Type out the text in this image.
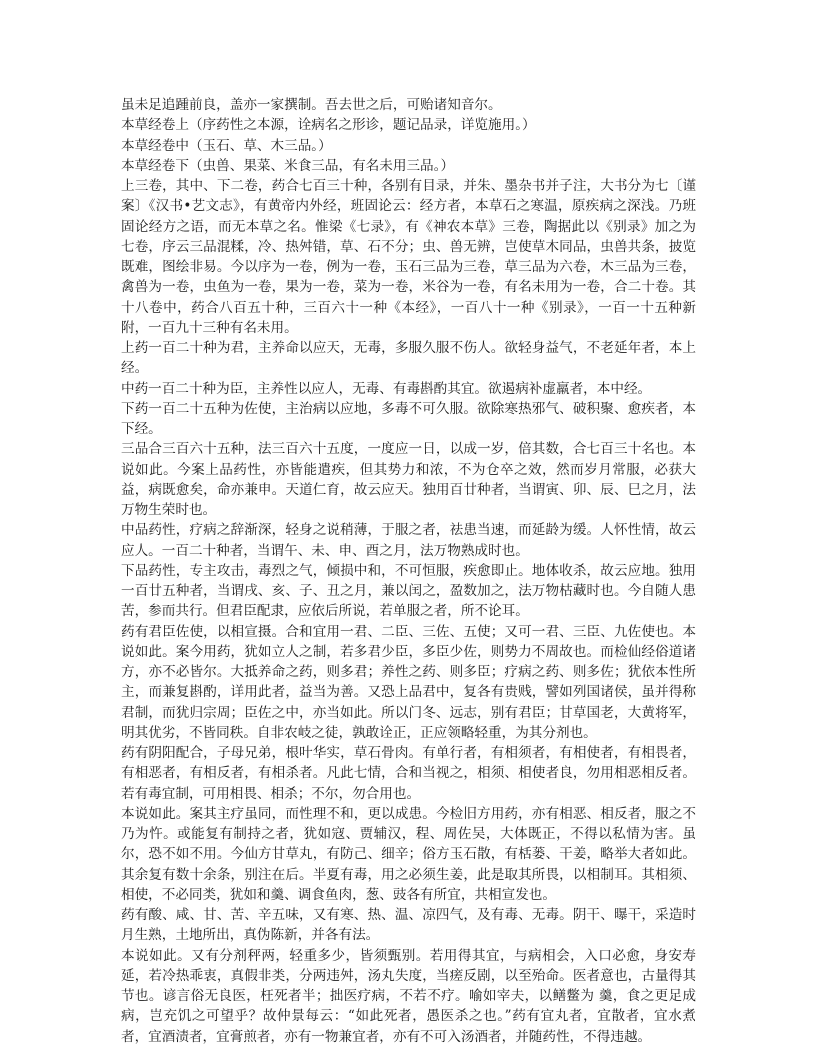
虽未足追踵前良，盖亦一家撰制。吾去世之后，可贻诸知音尔。

本草经卷上（序药性之本源，诠病名之形诊，题记品录，详览施用。）

本草经卷中（玉石、草、木三品。）

本草经卷下（虫兽、果菜、米食三品，有名未用三品。）

上三卷，其中、下二卷，药合七百三十种，各别有目录，并朱、墨杂书并子注，大书分为七〔谨案〕《汉书•艺文志》，有黄帝内外经，班固论云：经方者，本草石之寒温，原疾病之深浅。乃班固论经方之语，而无本草之名。惟梁《七录》，有《神农本草》三卷，陶据此以《别录》加之为七卷，序云三品混糅，冷、热舛错，草、石不分；虫、兽无辨，岂使草木同品，虫兽共条，披览既难，图绘非易。今以序为一卷，例为一卷，玉石三品为三卷，草三品为六卷，木三品为三卷，禽兽为一卷，虫鱼为一卷，果为一卷，菜为一卷，米谷为一卷，有名未用为一卷，合二十卷。其十八卷中，药合八百五十种，三百六十一种《本经》，一百八十一种《别录》，一百一十五种新附，一百九十三种有名未用。

上药一百二十种为君，主养命以应天，无毒，多服久服不伤人。欲轻身益气，不老延年者，本上经。

中药一百二十种为臣，主养性以应人，无毒、有毒斟酌其宜。欲遏病补虚羸者，本中经。

下药一百二十五种为佐使，主治病以应地，多毒不可久服。欲除寒热邪气、破积聚、愈疾者，本下经。

三品合三百六十五种，法三百六十五度，一度应一日，以成一岁，倍其数，合七百三十名也。本说如此。今案上品药性，亦皆能遣疾，但其势力和浓，不为仓卒之效，然而岁月常服，必获大益，病既愈矣，命亦兼申。天道仁育，故云应天。独用百廿种者，当谓寅、卯、辰、巳之月，法万物生荣时也。

中品药性，疗病之辞渐深，轻身之说稍薄，于服之者，祛患当速，而延龄为缓。人怀性情，故云应人。一百二十种者，当谓午、未、申、酉之月，法万物熟成时也。

下品药性，专主攻击，毒烈之气，倾损中和，不可恒服，疾愈即止。地体收杀，故云应地。独用一百廿五种者，当谓戌、亥、子、丑之月，兼以闰之，盈数加之，法万物枯藏时也。今自随人患苦，参而共行。但君臣配隶，应依后所说，若单服之者，所不论耳。

药有君臣佐使，以相宣摄。合和宜用一君、二臣、三佐、五使；又可一君、三臣、九佐使也。本说如此。案今用药，犹如立人之制，若多君少臣，多臣少佐，则势力不周故也。而检仙经俗道诸方，亦不必皆尔。大抵养命之药，则多君；养性之药、则多臣；疗病之药、则多佐；犹依本性所主，而兼复斟酌，详用此者，益当为善。又恐上品君中，复各有贵贱，譬如列国诸侯，虽并得称君制，而犹归宗周；臣佐之中，亦当如此。所以门冬、远志，别有君臣；甘草国老，大黄将军，明其优劣，不皆同秩。自非农岐之徒，孰敢诠正，正应领略轻重，为其分剂也。

药有阴阳配合，子母兄弟，根叶华实，草石骨肉。有单行者，有相须者，有相使者，有相畏者，有相恶者，有相反者，有相杀者。凡此七情，合和当视之，相须、相使者良，勿用相恶相反者。若有毒宜制，可用相畏、相杀；不尔，勿合用也。

本说如此。案其主疗虽同，而性理不和，更以成患。今检旧方用药，亦有相恶、相反者，服之不乃为忤。或能复有制持之者，犹如寇、贾辅汉，程、周佐吴，大体既正，不得以私情为害。虽尔，恐不如不用。今仙方甘草丸，有防己、细辛；俗方玉石散，有栝蒌、干姜，略举大者如此。其余复有数十余条，别注在后。半夏有毒，用之必须生姜，此是取其所畏，以相制耳。其相须、相使，不必同类，犹如和羹、调食鱼肉，葱、豉各有所宜，共相宣发也。

药有酸、咸、甘、苦、辛五味，又有寒、热、温、凉四气，及有毒、无毒。阴干、曝干，采造时月生熟，土地所出，真伪陈新，并各有法。

本说如此。又有分剂秤两，轻重多少，皆须甄别。若用得其宜，与病相会，入口必愈，身安寿延，若冷热乖衷，真假非类，分两违舛，汤丸失度，当瘥反剧，以至殆命。医者意也，古量得其节也。谚言俗无良医，枉死者半；拙医疗病，不若不疗。喻如宰夫，以鳝鳖为 羹，食之更足成病，岂充饥之可望乎？故仲景每云：“如此死者，愚医杀之也。”药有宜丸者，宜散者，宜水煮者，宜酒渍者，宜膏煎者，亦有一物兼宜者，亦有不可入汤酒者，并随药性，不得违越。
